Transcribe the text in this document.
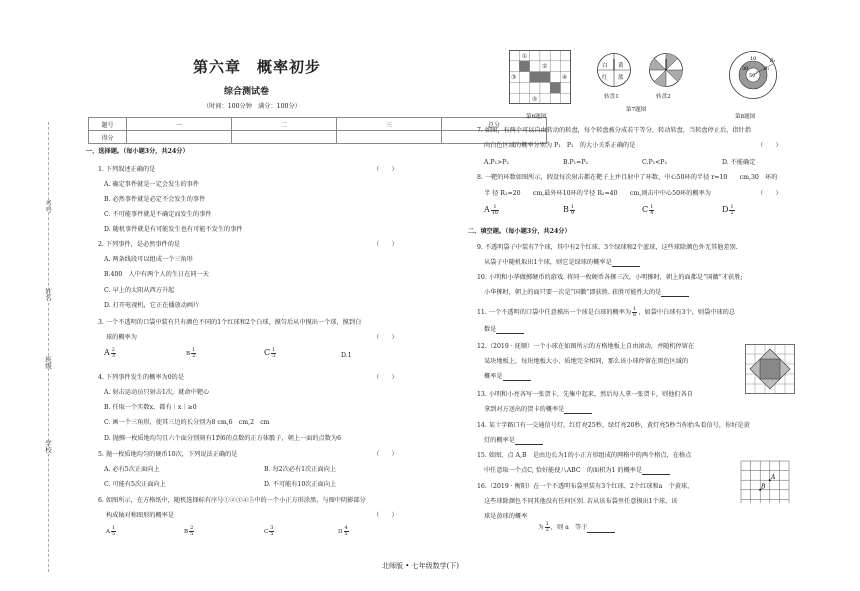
考号
姓名
班级
学校
第六章　概率初步
综合测试卷
（时间：100分钟　满分：100分）
题号	一	二	三	总分
得分				
一、选择题。（每小题3分，共24分）
1. 下列叙述正确的是	（　　）
A. 确定事件就是一定会发生的事件
B. 必然事件就是必定不会发生的事件
C. 不可能事件就是不确定而发生的事件
D. 随机事件就是有可能发生也有可能不发生的事件
2. 下列事件，是必然事件的是	（　　）
A. 两条线段可以组成一个三角形
B.400　人中有两个人的生日在同一天
C. 早上的太阳从西方升起
D. 打开电视机，它正在播放动画片
3. 一个不透明的口袋中装有只有颜色不同的1个红球和2个白球，摸匀后从中摸出一个球，摸到白
球的概率为	（　　）
A $\frac{2}{3}$	B $\frac{1}{2}$	C $\frac{1}{3}$	D.1
4. 下列事件发生的概率为0的是	（　　）
A. 射击运动员只射击1次，就命中靶心
B. 任取一个实数x，都有｜x｜≥0
C. 画一个三角形，使其三边的长分别为8 cm,6　cm,2　cm
D. 抛掷一枚质地均匀且六个面分别刻有1到6的点数的正方体骰子，朝上一面的点数为6
5. 抛一枚质地均匀的硬币10次，下列说法正确的是	（　　）
A. 必有5次正面向上	B. 每2次必有1次正面向上
C. 可能有5次正面向上	D. 不可能有10次正面向上
6. 如图所示，在方格纸中，随机选择标有序号①②③④⑤中的一个小正方形涂黑，与图中阴影部分
构成轴对称图形的概率是	（　　）
A $\frac{1}{5}$	B $\frac{2}{5}$	C $\frac{3}{5}$	D $\frac{4}{5}$
①
②
③	④
⑤
第6题图
白 黄
红 蓝
转盘1	转盘2
第7题图
10
30
50 r
R₁
R₂
第8题图
7. 如图，有两个可以自由转动的转盘，每个转盘被分成若干等分，转动转盘，当转盘停止后，指针指
向白色区域的概率分别为 P₁　P₂　的大小关系正确的是	（　　）
A.P₁>P₂	B.P₁=P₂	C.P₁<P₂	D. 不能确定
8. 一靶的环数如图所示，假设每次射击都在靶子上并且射中了环数，中心50环的半径 r=10　　cm,30　环的
半 径 R₁=20　　cm,最外环10环的半径 R₂=40　　cm,则击中中心50环的概率为	（　　）
A $\frac{1}{16}$	B $\frac{1}{9}$	C $\frac{1}{4}$	D $\frac{1}{2}$
二、填空题。（每小题3分，共24分）
9. 不透明袋子中装有7个球，其中有2个红球、3个绿球和2个蓝球，这些球除颜色外无其他差别.
从袋子中随机取出1个球，则它是绿球的概率是
10. 小明和小华做掷硬币的游戏. 将同一枚硬币各掷三次，小明掷时，朝上的面都是“国徽”才获胜;
小华掷时，朝上的面只要一次是“国徽”即获胜. 获胜可能性大的是
11. 一个不透明的口袋中任意摸出一个球是白球的概率为 $\frac{1}{6}$ ，如袋中白球有3个，则袋中球的总
数是
12.（2019 · 抚顺）一个小球在如图所示的方格地板上自由滚动，并随机停留在
某块地板上，每块地板大小、质地完全相同，那么该小球停留在黑色区域的
概率是
13. 小明和小亮各写一张贺卡，先集中起来，然后每人拿一张贺卡，则他们各自
拿到对方送出的贺卡的概率是
14. 某十字路口有一交通信号灯，红灯亮25秒，绿灯亮20秒，黄灯亮5秒当你抬头看信号，你好是黄
灯的概率是
15. 如图，点 A,B　是由边长为1的小正方形组成的网格中的两个格点，在格点
中任意取一个点C, 恰好能使八ABC　的面积为1 的概率是
A
B
16.（2019 · 衡阳）在一个不透明布袋里装有3个红球、2个红球和a　个黄球，
这些球除颜色不同其他没有任何区别. 若从该布袋里任意摸出1个球，该
球是黄球的概率
为 $\frac{1}{2}$ ，则 a　等于
北师版 • 七年级数学(下)
